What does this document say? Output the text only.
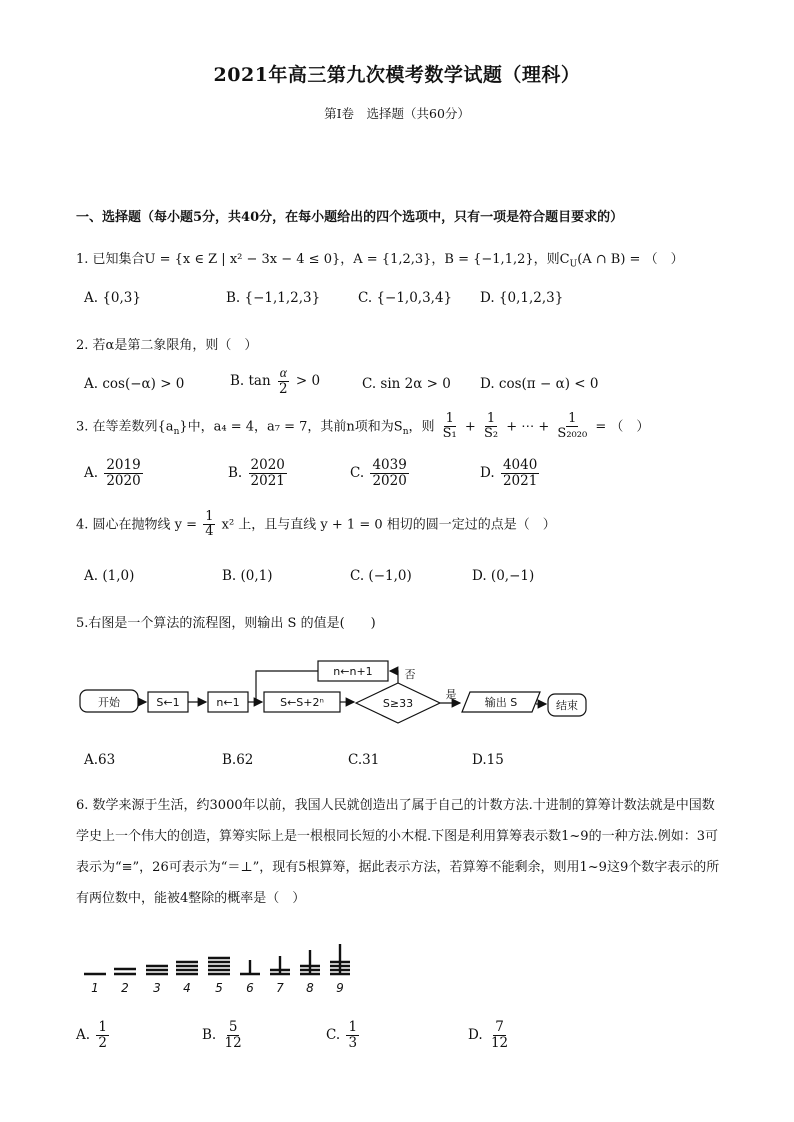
2021年高三第九次模考数学试题（理科）
第Ⅰ卷　选择题（共60分）
一、选择题（每小题5分，共40分，在每小题给出的四个选项中，只有一项是符合题目要求的）
1. 已知集合U = {x ∈ Z | x² − 3x − 4 ≤ 0}，A = {1,2,3}，B = {−1,1,2}，则$C_U(A$ ∩ B) = （　）
A. {0,3}	B. {−1,1,2,3}	C. {−1,0,3,4} D. {0,1,2,3}
2. 若α是第二象限角，则（　）
A. cos(−α) > 0	B. $\tan \frac{\alpha}{2} > 0$	C. sin 2α > 0 D. cos(π − α) < 0
3. 在等差数列$\{a_n\}$中，a₄ = 4，a₇ = 7，其前n项和为$S_n$，则 $\frac{1}{\text{S₁}} + \frac{1}{\text{S₂}}$ + ⋯ + $\frac{1}{\text{S₂₀₂₀}}$ = （　）
A. $\frac{2019}{2020}$	B. $\frac{2020}{2021}$	C. $\frac{4039}{2020}$	D. $\frac{4040}{2021}$
4. 圆心在抛物线 $y = \frac{1}{4} x^2$ 上，且与直线 y + 1 = 0 相切的圆一定过的点是（　）
A. (1,0)	B. (0,1)	C. (−1,0)	D. (0,−1)
5.右图是一个算法的流程图，则输出 S 的值是(　　)
开始	S←1	n←1	S←S+2ⁿ	S≥33
n←n+1	否
是
输出 S	结束
A.63	B.62	C.31	D.15
6. 数学来源于生活，约3000年以前，我国人民就创造出了属于自己的计数方法.十进制的算筹计数法就是中国数学史上一个伟大的创造，算筹实际上是一根根同长短的小木棍.下图是利用算筹表示数1~9的一种方法.例如：3可表示为“≡”，26可表示为“＝⊥”，现有5根算筹，据此表示方法，若算筹不能剩余，则用1~9这9个数字表示的所有两位数中，能被4整除的概率是（　）
1 2 3 4 5 6 7 8 9
A. $\frac{1}{2}$	B. $\frac{5}{12}$	C. $\frac{1}{3}$	D. $\frac{7}{12}$
